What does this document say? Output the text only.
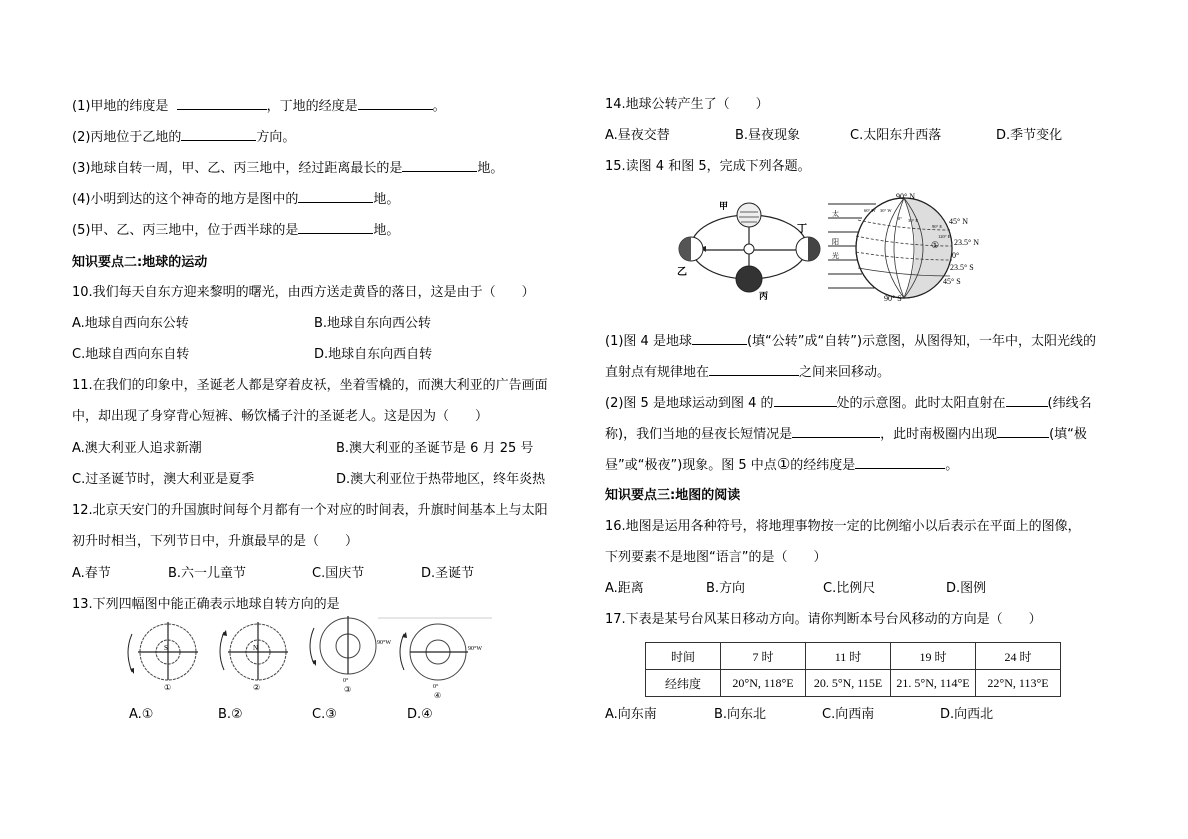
(1)甲地的纬度是	，丁地的经度是	。
(2)丙地位于乙地的	方向。
(3)地球自转一周，甲、乙、丙三地中，经过距离最长的是	地。
(4)小明到达的这个神奇的地方是图中的	地。
(5)甲、乙、丙三地中，位于西半球的是	地。
知识要点二:地球的运动
10.我们每天自东方迎来黎明的曙光，由西方送走黄昏的落日，这是由于（　　）
A.地球自西向东公转	B.地球自东向西公转
C.地球自西向东自转	D.地球自东向西自转
11.在我们的印象中，圣诞老人都是穿着皮袄，坐着雪橇的，而澳大利亚的广告画面
中，却出现了身穿背心短裤、畅饮橘子汁的圣诞老人。这是因为（　　）
A.澳大利亚人追求新潮	B.澳大利亚的圣诞节是 6 月 25 号
C.过圣诞节时，澳大利亚是夏季	D.澳大利亚位于热带地区，终年炎热
12.北京天安门的升国旗时间每个月都有一个对应的时间表，升旗时间基本上与太阳
初升时相当，下列节日中，升旗最早的是（　　）
A.春节	B.六一儿童节	C.国庆节	D.圣诞节
13.下列四幅图中能正确表示地球自转方向的是
S
①
N
②
90°W
0°
③
90°W
0°
④
A.①	B.②	C.③	D.④
14.地球公转产生了（　　）
A.昼夜交替	B.昼夜现象	C.太阳东升西落	D.季节变化
15.读图 4 和图 5，完成下列各题。
甲
乙
丙
丁
90° N
90° S
45° N
23.5° N
0°
23.5° S
45° S
60° W 30° W
0° 30° E
90° E
120° E
①
太
阳
光
(1)图 4 是地球	(填“公转”成“自转”)示意图，从图得知，一年中，太阳光线的
直射点有规律地在	之间来回移动。
(2)图 5 是地球运动到图 4 的	处的示意图。此时太阳直射在	(纬线名
称)，我们当地的昼夜长短情况是	，此时南极圈内出现	(填“极
昼”或“极夜”)现象。图 5 中点①的经纬度是	。
知识要点三:地图的阅读
16.地图是运用各种符号，将地理事物按一定的比例缩小以后表示在平面上的图像，
下列要素不是地图“语言”的是（　　）
A.距离	B.方向	C.比例尺	D.图例
17.下表是某号台风某日移动方向。请你判断本号台风移动的方向是（　　）
时间	7 时	11 时	19 时	24 时
经纬度	20°N, 118°E	20. 5°N, 115E	21. 5°N, 114°E	22°N, 113°E
A.向东南	B.向东北	C.向西南	D.向西北
